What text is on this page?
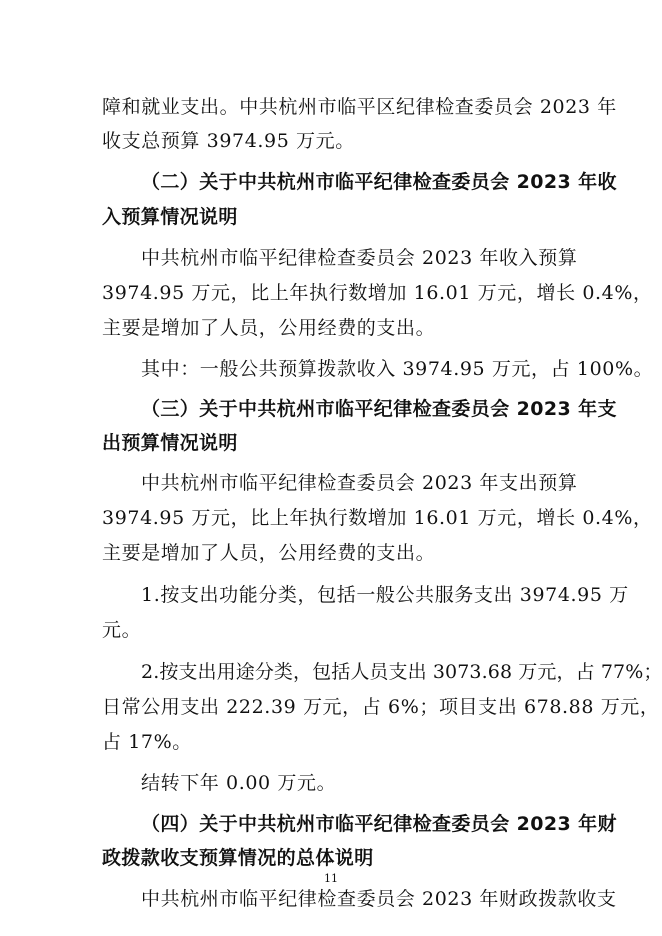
障和就业支出。中共杭州市临平区纪律检查委员会 2023 年

收支总预算 3974.95 万元。

（二）关于中共杭州市临平纪律检查委员会 2023 年收

入预算情况说明

中共杭州市临平纪律检查委员会 2023 年收入预算

3974.95 万元，比上年执行数增加 16.01 万元，增长 0.4%，

主要是增加了人员，公用经费的支出。

其中：一般公共预算拨款收入 3974.95 万元，占 100%。

（三）关于中共杭州市临平纪律检查委员会 2023 年支

出预算情况说明

中共杭州市临平纪律检查委员会 2023 年支出预算

3974.95 万元，比上年执行数增加 16.01 万元，增长 0.4%，

主要是增加了人员，公用经费的支出。

1.按支出功能分类，包括一般公共服务支出 3974.95 万

元。

2.按支出用途分类，包括人员支出 3073.68 万元，占 77%；

日常公用支出 222.39 万元，占 6%；项目支出 678.88 万元，

占 17%。

结转下年 0.00 万元。

（四）关于中共杭州市临平纪律检查委员会 2023 年财

政拨款收支预算情况的总体说明

中共杭州市临平纪律检查委员会 2023 年财政拨款收支

11
